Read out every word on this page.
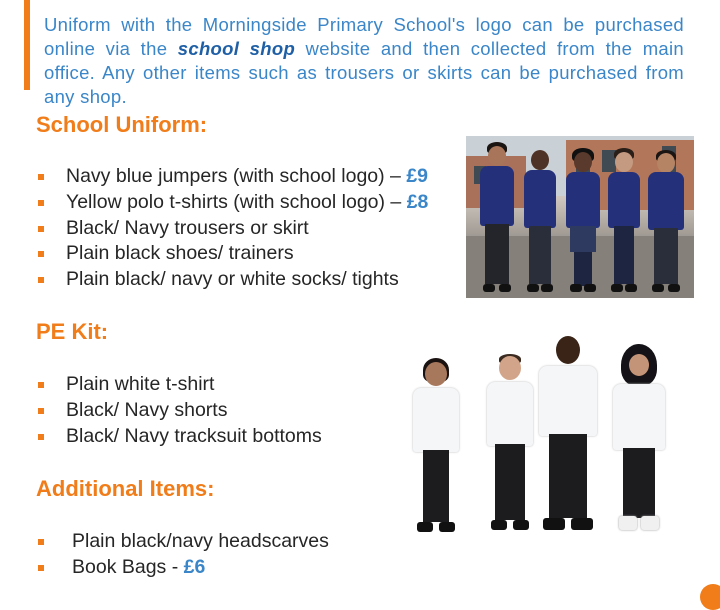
Uniform with the Morningside Primary School's logo can be purchased online via the school shop website and then collected from the main office. Any other items such as trousers or skirts can be purchased from any shop.

School Uniform:
Navy blue jumpers (with school logo) – £9
Yellow polo t-shirts (with school logo) – £8
Black/ Navy trousers or skirt
Plain black shoes/ trainers
Plain black/ navy or white socks/ tights
PE Kit:
Plain white t-shirt
Black/ Navy shorts
Black/ Navy tracksuit bottoms
Additional Items:
Plain black/navy headscarves
Book Bags - £6
